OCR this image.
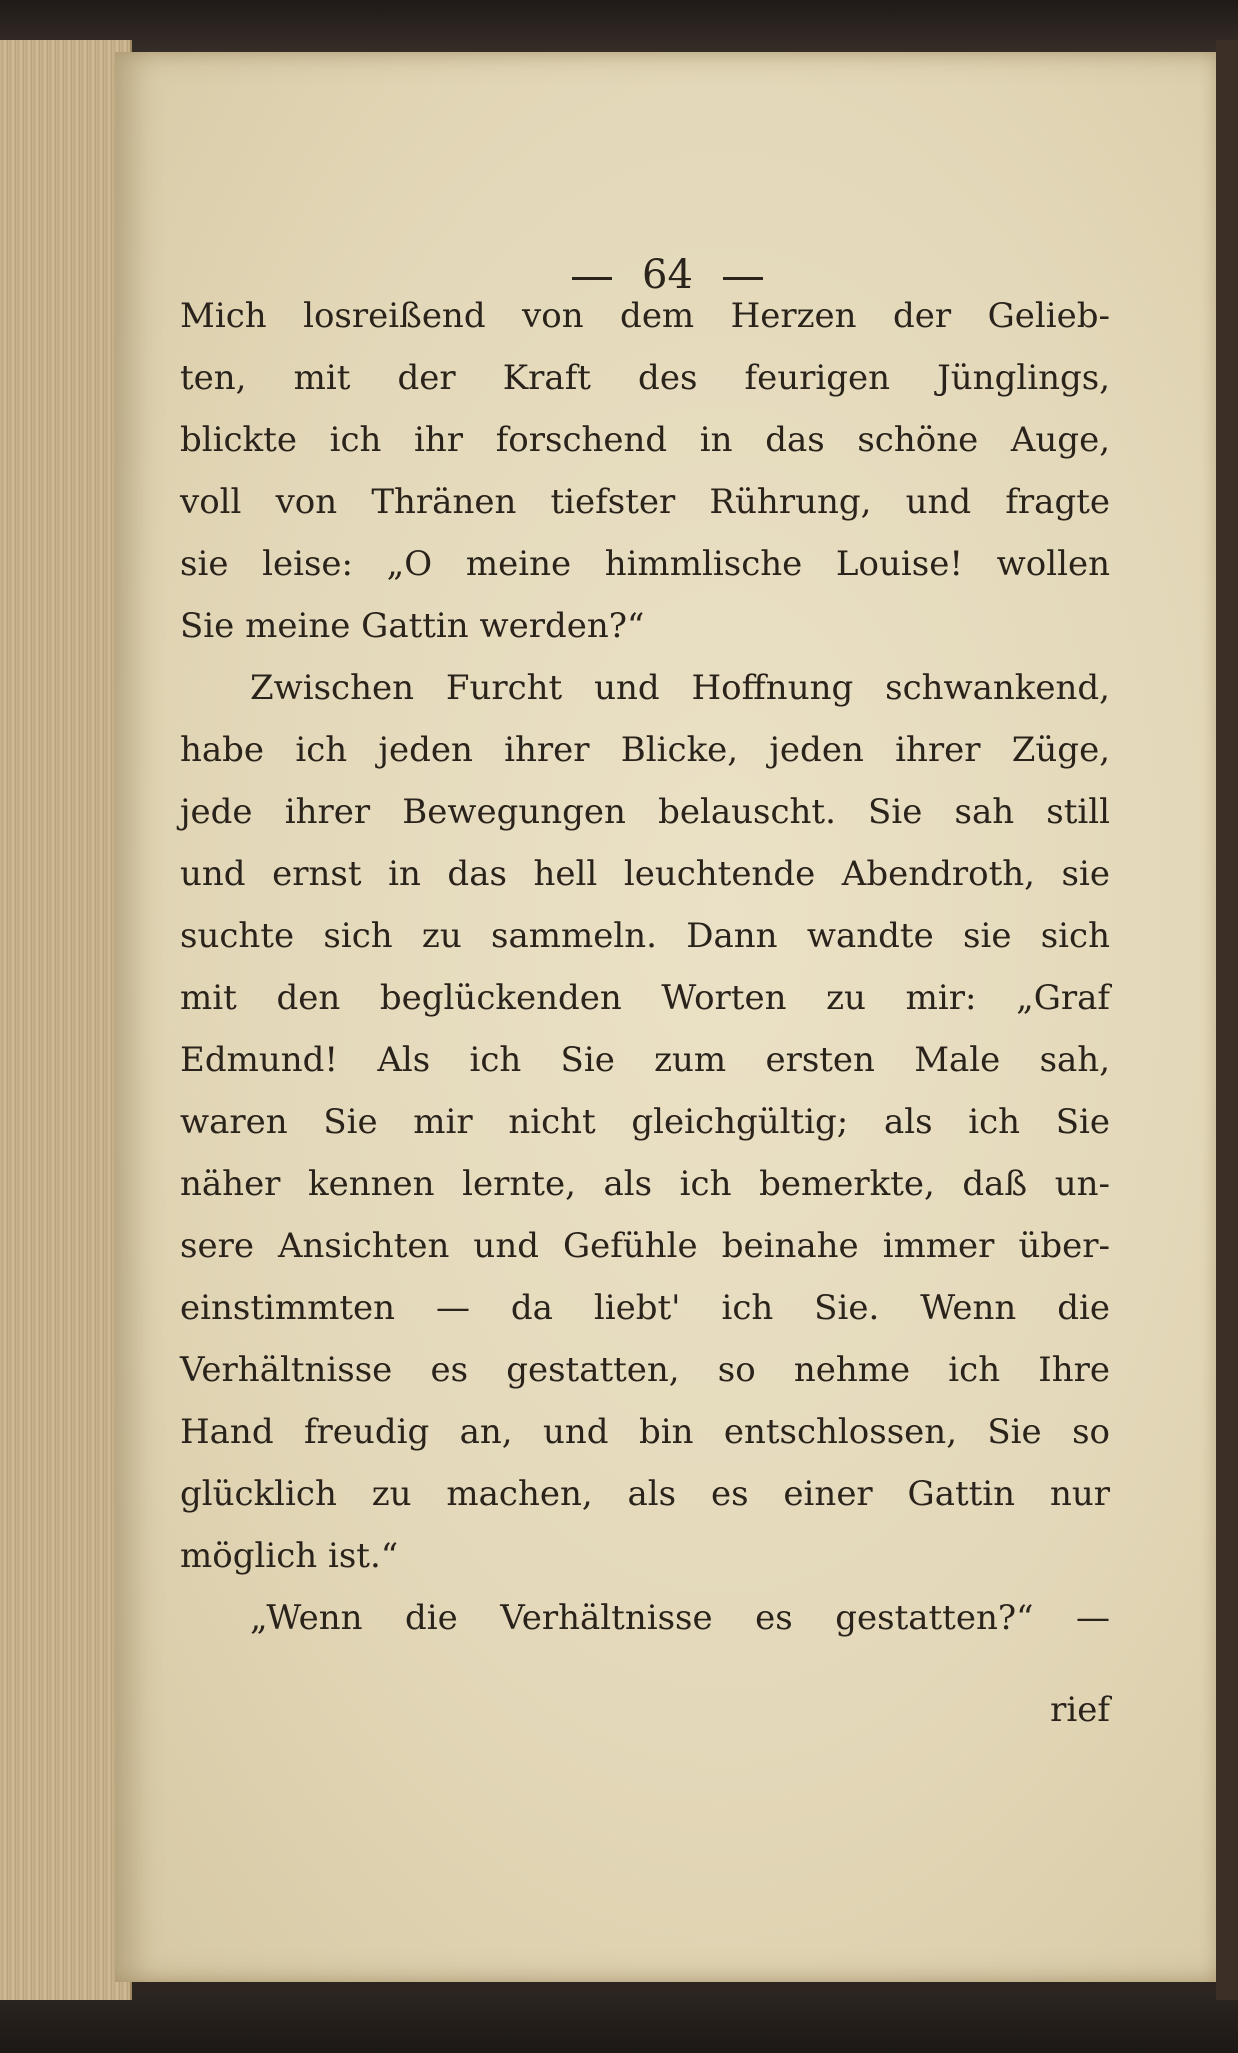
64
Mich losreißend von dem Herzen der Gelieb-
ten, mit der Kraft des feurigen Jünglings,
blickte ich ihr forschend in das schöne Auge,
voll von Thränen tiefster Rührung, und fragte
sie leise: „O meine himmlische Louise! wollen
Sie meine Gattin werden?“
Zwischen Furcht und Hoffnung schwankend,
habe ich jeden ihrer Blicke, jeden ihrer Züge,
jede ihrer Bewegungen belauscht. Sie sah still
und ernst in das hell leuchtende Abendroth, sie
suchte sich zu sammeln. Dann wandte sie sich
mit den beglückenden Worten zu mir: „Graf
Edmund! Als ich Sie zum ersten Male sah,
waren Sie mir nicht gleichgültig; als ich Sie
näher kennen lernte, als ich bemerkte, daß un-
sere Ansichten und Gefühle beinahe immer über-
einstimmten — da liebt' ich Sie. Wenn die
Verhältnisse es gestatten, so nehme ich Ihre
Hand freudig an, und bin entschlossen, Sie so
glücklich zu machen, als es einer Gattin nur
möglich ist.“
„Wenn die Verhältnisse es gestatten?“ —
rief
